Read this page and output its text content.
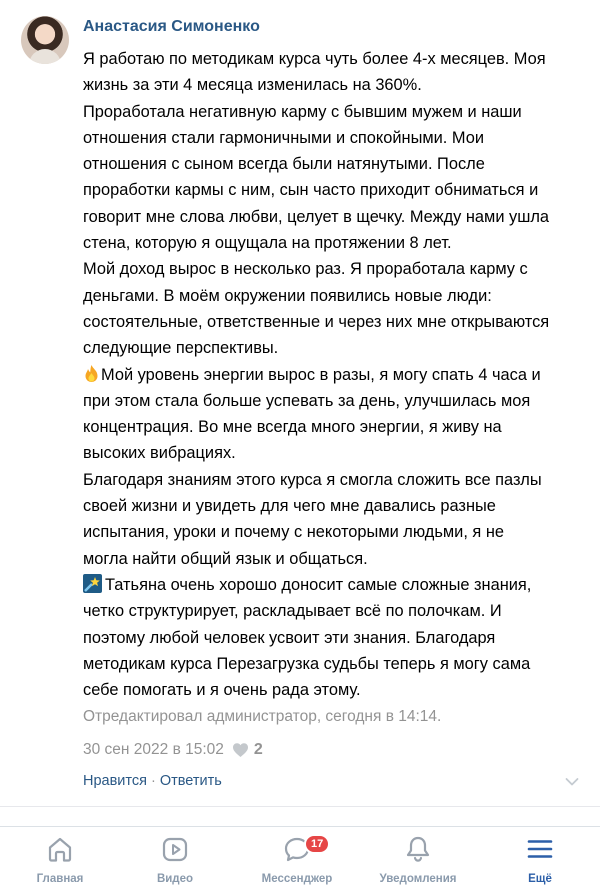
Анастасия Симоненко
Я работаю по методикам курса чуть более 4-х месяцев. Моя
жизнь за эти 4 месяца изменилась на 360%.
Проработала негативную карму с бывшим мужем и наши
отношения стали гармоничными и спокойными. Мои
отношения с сыном всегда были натянутыми. После
проработки кармы с ним, сын часто приходит обниматься и
говорит мне слова любви, целует в щечку. Между нами ушла
стена, которую я ощущала на протяжении 8 лет.
Мой доход вырос в несколько раз. Я проработала карму с
деньгами. В моём окружении появились новые люди:
состоятельные, ответственные и через них мне открываются
следующие перспективы.
Мой уровень энергии вырос в разы, я могу спать 4 часа и
при этом стала больше успевать за день, улучшилась моя
концентрация. Во мне всегда много энергии, я живу на
высоких вибрациях.
Благодаря знаниям этого курса я смогла сложить все пазлы
своей жизни и увидеть для чего мне давались разные
испытания, уроки и почему с некоторыми людьми, я не
могла найти общий язык и общаться.
Татьяна очень хорошо доносит самые сложные знания,
четко структурирует, раскладывает всё по полочкам. И
поэтому любой человек усвоит эти знания. Благодаря
методикам курса Перезагрузка судьбы теперь я могу сама
себе помогать и я очень рада этому.
Отредактировал администратор, сегодня в 14:14.
30 сен 2022 в 15:02 2
Нравится · Ответить
Главная	Видео
17
Мессенджер	Уведомления	Ещё
